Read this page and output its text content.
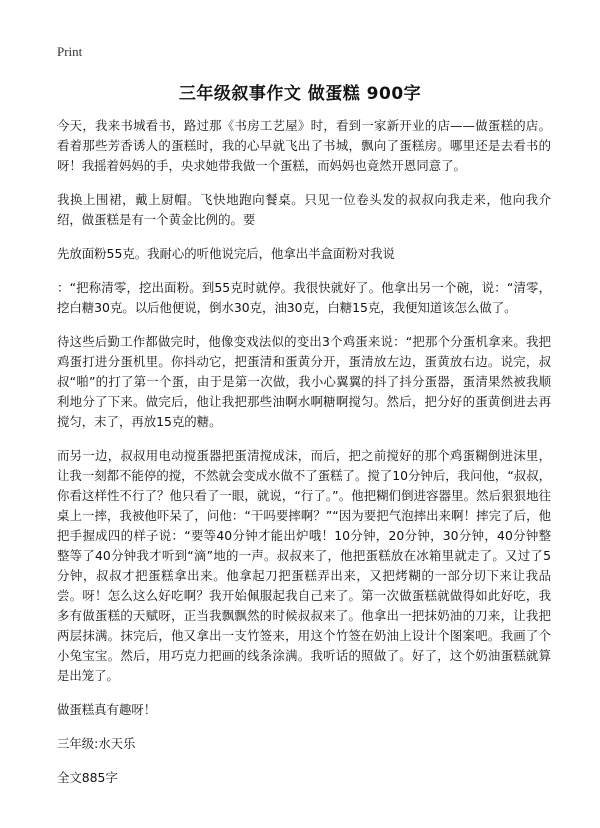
Print
三年级叙事作文 做蛋糕 900字

今天，我来书城看书，路过那《书房工艺屋》时，看到一家新开业的店——做蛋糕的店。看着那些芳香诱人的蛋糕时，我的心早就飞出了书城，飘向了蛋糕房。哪里还是去看书的呀！我摇着妈妈的手，央求她带我做一个蛋糕，而妈妈也竟然开恩同意了。

我换上围裙，戴上厨帽。飞快地跑向餐桌。只见一位卷头发的叔叔向我走来，他向我介绍，做蛋糕是有一个黄金比例的。要

先放面粉55克。我耐心的听他说完后，他拿出半盒面粉对我说

：“把称清零，挖出面粉。到55克时就停。我很快就好了。他拿出另一个碗，说：“清零，挖白糖30克。以后他便说，倒水30克，油30克，白糖15克，我便知道该怎么做了。

待这些后勤工作都做完时，他像变戏法似的变出3个鸡蛋来说：“把那个分蛋机拿来。我把鸡蛋打进分蛋机里。你抖动它，把蛋清和蛋黄分开，蛋清放左边，蛋黄放右边。说完，叔叔“啪”的打了第一个蛋，由于是第一次做，我小心翼翼的抖了抖分蛋器，蛋清果然被我顺利地分了下来。做完后，他让我把那些油啊水啊糖啊搅匀。然后，把分好的蛋黄倒进去再搅匀，末了，再放15克的糖。

而另一边，叔叔用电动搅蛋器把蛋清搅成沫，而后，把之前搅好的那个鸡蛋糊倒进沫里，让我一刻都不能停的搅，不然就会变成水做不了蛋糕了。搅了10分钟后，我问他，“叔叔，你看这样性不行了？他只看了一眼，就说，“行了。”。他把糊们倒进容器里。然后狠狠地往桌上一摔，我被他吓呆了，问他：“干吗要摔啊？”“因为要把气泡摔出来啊！摔完了后，他把手握成四的样子说：“要等40分钟才能出炉哦！10分钟，20分钟，30分钟，40分钟整整等了40分钟我才听到“滴”地的一声。叔叔来了，他把蛋糕放在冰箱里就走了。又过了5分钟，叔叔才把蛋糕拿出来。他拿起刀把蛋糕弄出来，又把烤糊的一部分切下来让我品尝。呀！怎么这么好吃啊？我开始佩服起我自己来了。第一次做蛋糕就做得如此好吃，我多有做蛋糕的天赋呀，正当我飘飘然的时候叔叔来了。他拿出一把抹奶油的刀来，让我把两层抹满。抹完后，他又拿出一支竹签来，用这个竹签在奶油上设计个图案吧。我画了个小兔宝宝。然后，用巧克力把画的线条涂满。我听话的照做了。好了，这个奶油蛋糕就算是出笼了。

做蛋糕真有趣呀！

三年级:水天乐

全文885字
